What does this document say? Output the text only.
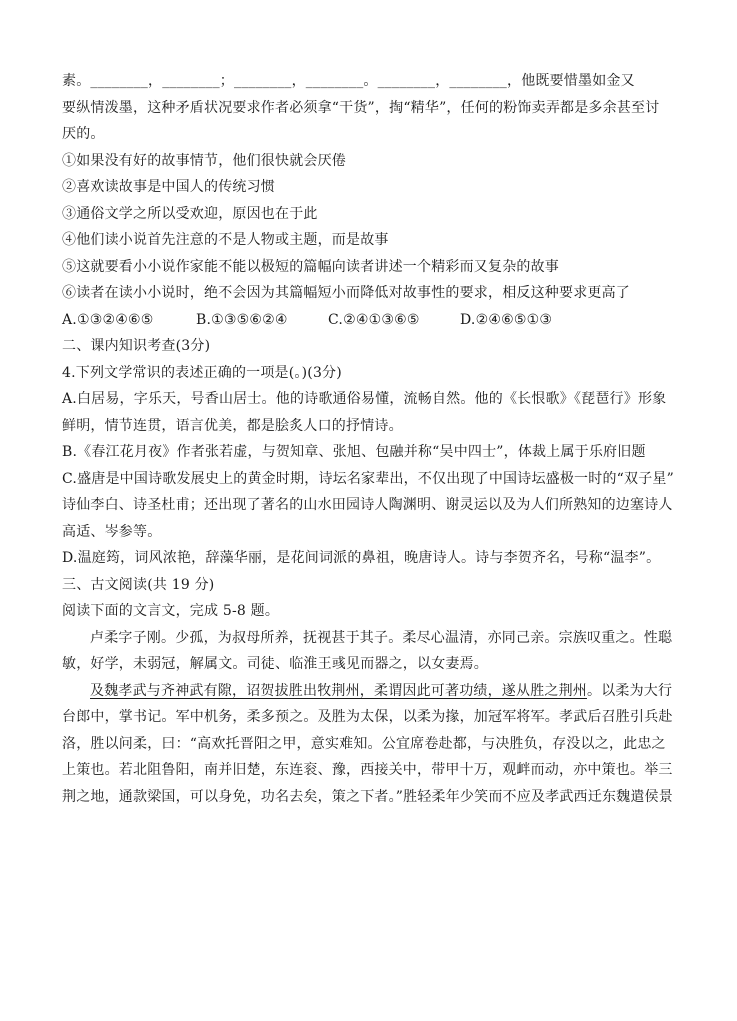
素。________，________；________，________。________，________，他既要惜墨如金又
要纵情泼墨，这种矛盾状况要求作者必须拿“干货”，掏“精华”，任何的粉饰卖弄都是多余甚至讨
厌的。
①如果没有好的故事情节，他们很快就会厌倦
②喜欢读故事是中国人的传统习惯
③通俗文学之所以受欢迎，原因也在于此
④他们读小说首先注意的不是人物或主题，而是故事
⑤这就要看小小说作家能不能以极短的篇幅向读者讲述一个精彩而又复杂的故事
⑥读者在读小小说时，绝不会因为其篇幅短小而降低对故事性的要求，相反这种要求更高了
A.①③②④⑥⑤	B.①③⑤⑥②④	C.②④①③⑥⑤	D.②④⑥⑤①③
二、课内知识考查(3分)
4.下列文学常识的表述正确的一项是(。)(3分)
A.白居易，字乐天，号香山居士。他的诗歌通俗易懂，流畅自然。他的《长恨歌》《琵琶行》形象
鲜明，情节连贯，语言优美，都是脍炙人口的抒情诗。
B.《春江花月夜》作者张若虚，与贺知章、张旭、包融并称“吴中四士”，体裁上属于乐府旧题
C.盛唐是中国诗歌发展史上的黄金时期，诗坛名家辈出，不仅出现了中国诗坛盛极一时的“双子星”
诗仙李白、诗圣杜甫；还出现了著名的山水田园诗人陶渊明、谢灵运以及为人们所熟知的边塞诗人
高适、岑参等。
D.温庭筠，词风浓艳，辞藻华丽，是花间词派的鼻祖，晚唐诗人。诗与李贺齐名，号称“温李”。
三、古文阅读(共 19 分)
阅读下面的文言文，完成 5-8 题。
卢柔字子刚。少孤，为叔母所养，抚视甚于其子。柔尽心温清，亦同己亲。宗族叹重之。性聪
敏，好学，未弱冠，解属文。司徒、临淮王彧见而器之，以女妻焉。
及魏孝武与齐神武有隙，诏贺拔胜出牧荆州，柔谓因此可著功绩，遂从胜之荆州。以柔为大行
台郎中，掌书记。军中机务，柔多预之。及胜为太保，以柔为掾，加冠军将军。孝武后召胜引兵赴
洛，胜以问柔，曰：“高欢托晋阳之甲，意实难知。公宜席卷赴都，与决胜负，存没以之，此忠之
上策也。若北阻鲁阳，南并旧楚，东连衮、豫，西接关中，带甲十万，观衅而动，亦中策也。举三
荆之地，通款梁国，可以身免，功名去矣，策之下者。”胜轻柔年少笑而不应及孝武西迁东魏遣侯景
